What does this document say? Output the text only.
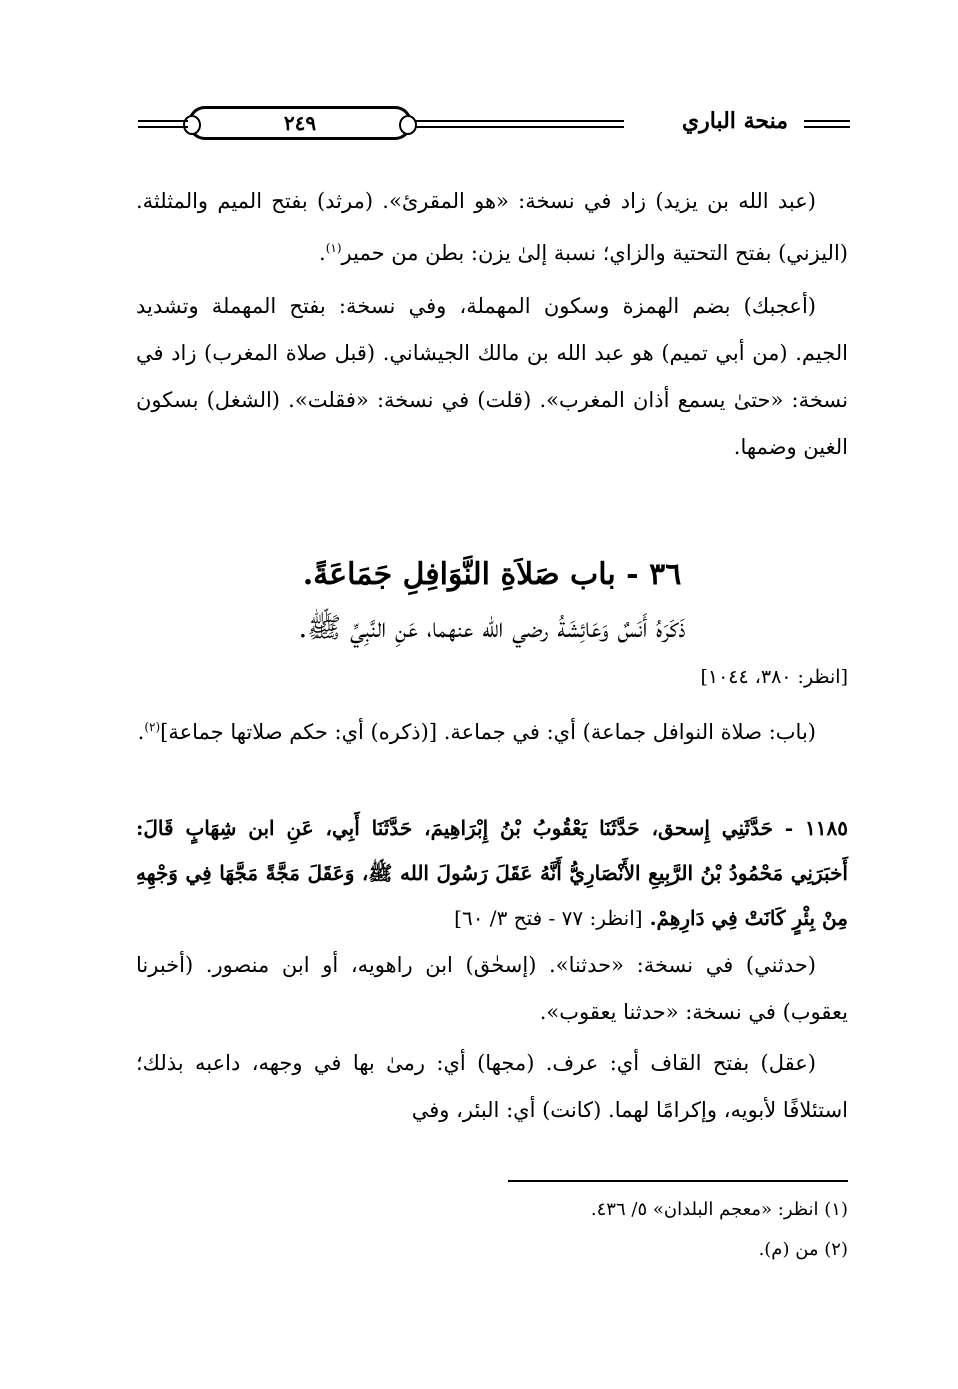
منحة الباري
٢٤٩

(عبد الله بن يزيد) زاد في نسخة: «هو المقرئ». (مرثد) بفتح الميم والمثلثة. (اليزني) بفتح التحتية والزاي؛ نسبة إلىٰ يزن: بطن من حمير$^{(١)}$.

(أعجبك) بضم الهمزة وسكون المهملة، وفي نسخة: بفتح المهملة وتشديد الجيم. (من أبي تميم) هو عبد الله بن مالك الجيشاني. (قبل صلاة المغرب) زاد في نسخة: «حتىٰ يسمع أذان المغرب». (قلت) في نسخة: «فقلت». (الشغل) بسكون الغين وضمها.

٣٦ - باب صَلاَةِ النَّوَافِلِ جَمَاعَةً.
ذَكَرَهُ أَنَسٌ وَعَائِشَةُ رضي الله عنهما، عَنِ النَّبِيِّ ﷺ.
[انظر: ٣٨٠، ١٠٤٤]

(باب: صلاة النوافل جماعة) أي: في جماعة. [(ذكره) أي: حكم صلاتها جماعة]$^{(٢)}$.

١١٨٥ - حَدَّثَنِي إِسحق، حَدَّثَنَا يَعْقُوبُ بْنُ إِبْرَاهِيمَ، حَدَّثَنَا أَبِي، عَنِ ابن شِهَابٍ قَالَ: أَخبَرَنِي مَحْمُودُ بْنُ الرَّبِيعِ الأَنْصَارِيُّ أَنَّهُ عَقَلَ رَسُولَ الله ﷺ، وَعَقَلَ مَجَّةً مَجَّهَا فِي وَجْهِهِ مِنْ بِئْرٍ كَانَتْ فِي دَارِهِمْ. [انظر: ٧٧ - فتح ٣/ ٦٠]

(حدثني) في نسخة: «حدثنا». (إسحٰق) ابن راهويه، أو ابن منصور. (أخبرنا يعقوب) في نسخة: «حدثنا يعقوب».

(عقل) بفتح القاف أي: عرف. (مجها) أي: رمىٰ بها في وجهه، داعبه بذلك؛ استئلافًا لأبويه، وإكرامًا لهما. (كانت) أي: البئر، وفي

(١) انظر: «معجم البلدان» ٥/ ٤٣٦.
(٢) من (م).
